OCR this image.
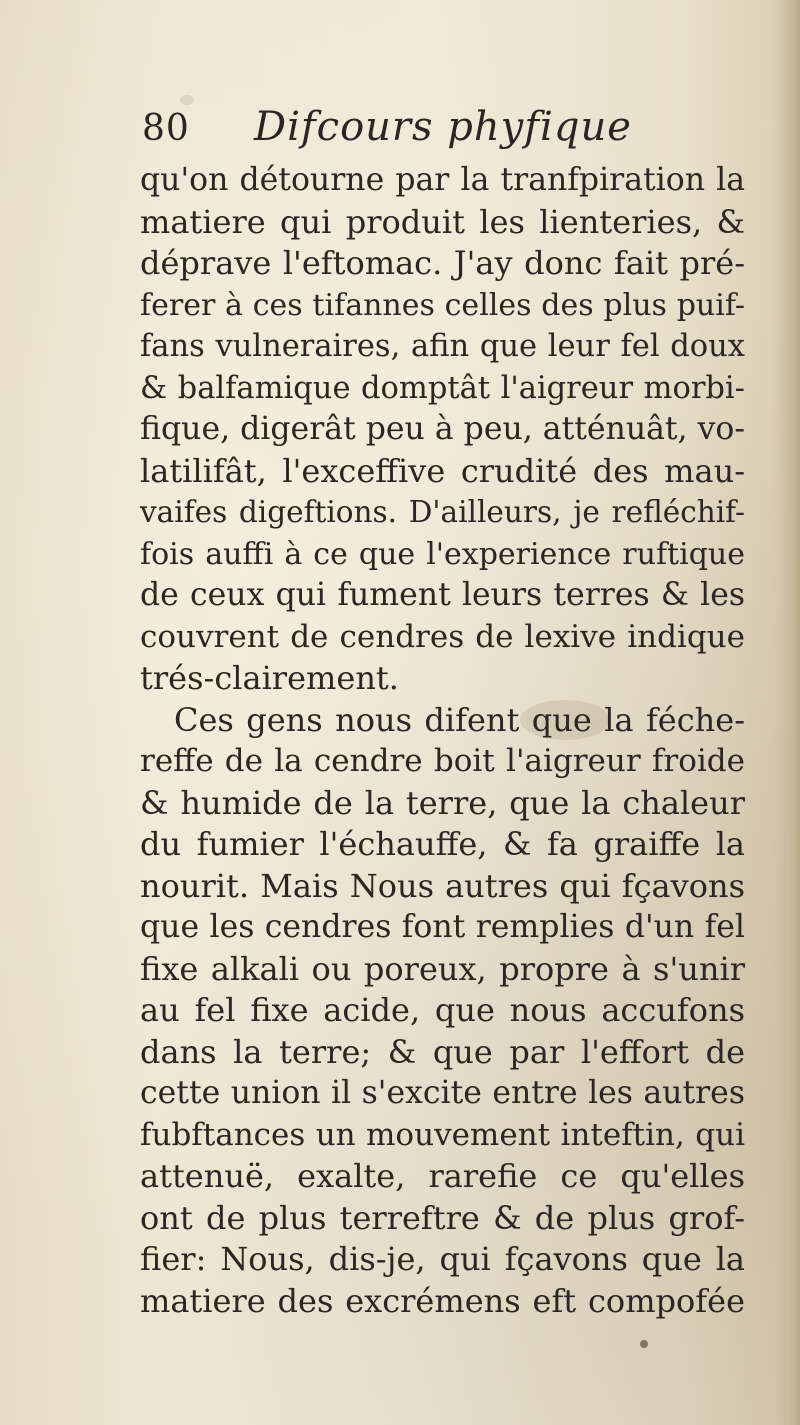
80 Difcours phyfique
qu'on détourne par la tranfpiration la
matiere qui produit les lienteries, &
déprave l'eftomac. J'ay donc fait pré-
ferer à ces tifannes celles des plus puif-
fans vulneraires, afin que leur fel doux
& balfamique domptât l'aigreur morbi-
fique, digerât peu à peu, atténuât, vo-
latilifât, l'exceffive crudité des mau-
vaifes digeftions. D'ailleurs, je refléchif-
fois auffi à ce que l'experience ruftique
de ceux qui fument leurs terres & les
couvrent de cendres de lexive indique
trés-clairement.
Ces gens nous difent que la féche-
reffe de la cendre boit l'aigreur froide
& humide de la terre, que la chaleur
du fumier l'échauffe, & fa graiffe la
nourit. Mais Nous autres qui fçavons
que les cendres font remplies d'un fel
fixe alkali ou poreux, propre à s'unir
au fel fixe acide, que nous accufons
dans la terre; & que par l'effort de
cette union il s'excite entre les autres
fubftances un mouvement inteftin, qui
attenuë, exalte, rarefie ce qu'elles
ont de plus terreftre & de plus grof-
fier: Nous, dis-je, qui fçavons que la
matiere des excrémens eft compofée
